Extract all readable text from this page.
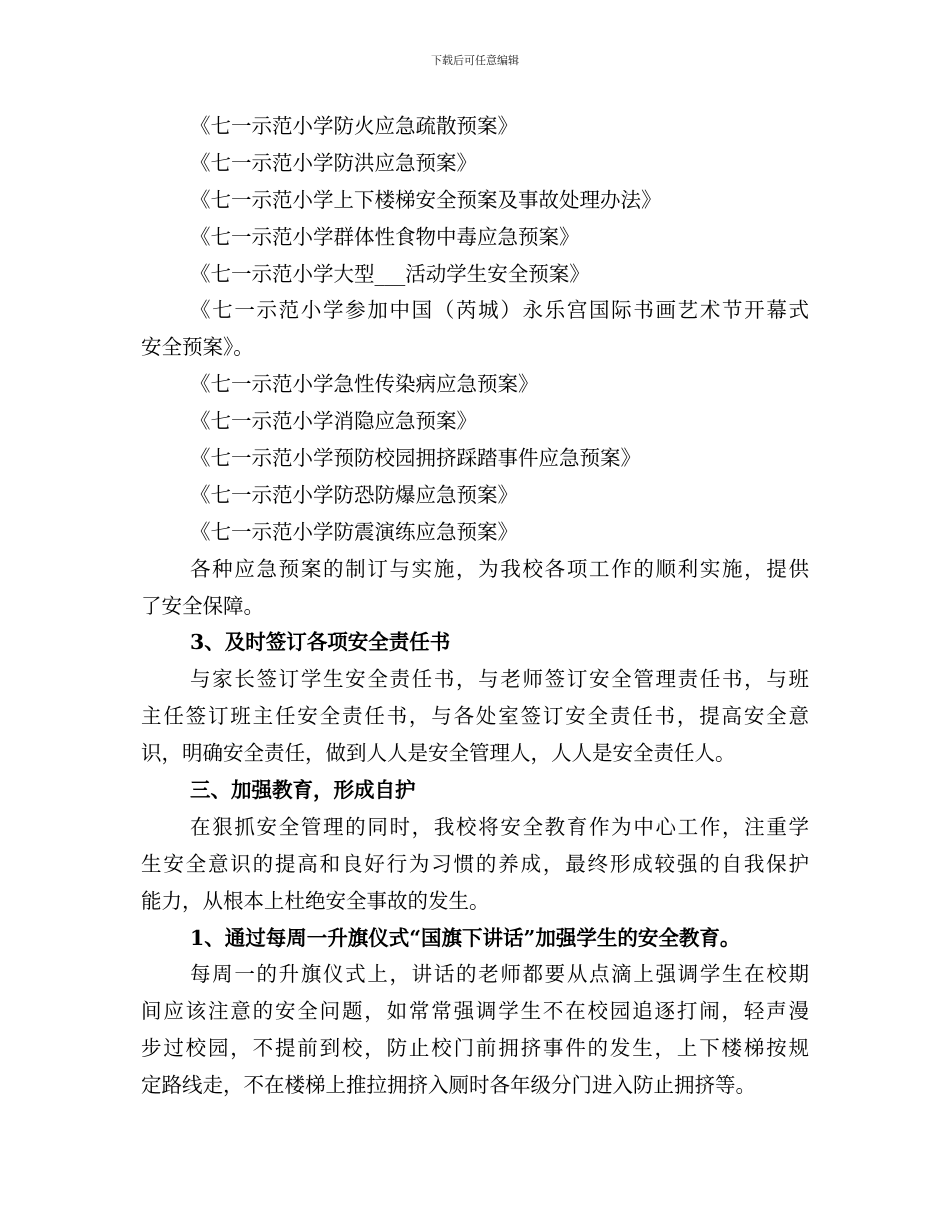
下载后可任意编辑
《七一示范小学防火应急疏散预案》
《七一示范小学防洪应急预案》
《七一示范小学上下楼梯安全预案及事故处理办法》
《七一示范小学群体性食物中毒应急预案》
《七一示范小学大型___活动学生安全预案》
《七一示范小学参加中国（芮城）永乐宫国际书画艺术节开幕式
安全预案》。
《七一示范小学急性传染病应急预案》
《七一示范小学消隐应急预案》
《七一示范小学预防校园拥挤踩踏事件应急预案》
《七一示范小学防恐防爆应急预案》
《七一示范小学防震演练应急预案》
各种应急预案的制订与实施，为我校各项工作的顺利实施，提供
了安全保障。
3、及时签订各项安全责任书
与家长签订学生安全责任书，与老师签订安全管理责任书，与班
主任签订班主任安全责任书，与各处室签订安全责任书，提高安全意
识，明确安全责任，做到人人是安全管理人，人人是安全责任人。
三、加强教育，形成自护
在狠抓安全管理的同时，我校将安全教育作为中心工作，注重学
生安全意识的提高和良好行为习惯的养成，最终形成较强的自我保护
能力，从根本上杜绝安全事故的发生。
1、通过每周一升旗仪式“国旗下讲话”加强学生的安全教育。
每周一的升旗仪式上，讲话的老师都要从点滴上强调学生在校期
间应该注意的安全问题，如常常强调学生不在校园追逐打闹，轻声漫
步过校园，不提前到校，防止校门前拥挤事件的发生，上下楼梯按规
定路线走，不在楼梯上推拉拥挤入厕时各年级分门进入防止拥挤等。
